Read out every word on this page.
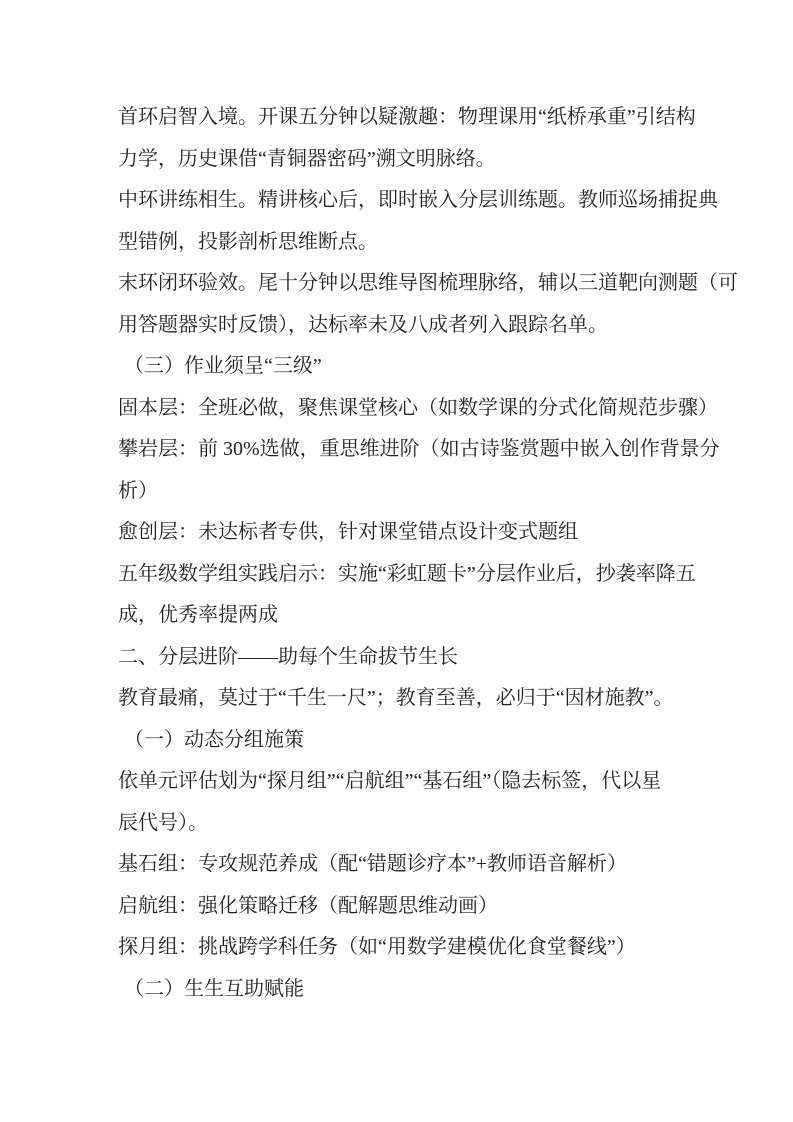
首环启智入境。开课五分钟以疑激趣：物理课用“纸桥承重”引结构
力学，历史课借“青铜器密码”溯文明脉络。
中环讲练相生。精讲核心后，即时嵌入分层训练题。教师巡场捕捉典
型错例，投影剖析思维断点。
末环闭环验效。尾十分钟以思维导图梳理脉络，辅以三道靶向测题（可
用答题器实时反馈），达标率未及八成者列入跟踪名单。
（三）作业须呈“三级”
固本层：全班必做，聚焦课堂核心（如数学课的分式化简规范步骤）
攀岩层：前 30%选做，重思维进阶（如古诗鉴赏题中嵌入创作背景分
析）
愈创层：未达标者专供，针对课堂错点设计变式题组
五年级数学组实践启示：实施“彩虹题卡”分层作业后，抄袭率降五
成，优秀率提两成
二、分层进阶——助每个生命拔节生长
教育最痛，莫过于“千生一尺”；教育至善，必归于“因材施教”。
（一）动态分组施策
依单元评估划为“探月组”“启航组”“基石组”（隐去标签，代以星
辰代号）。
基石组：专攻规范养成（配“错题诊疗本”+教师语音解析）
启航组：强化策略迁移（配解题思维动画）
探月组：挑战跨学科任务（如“用数学建模优化食堂餐线”）
（二）生生互助赋能
